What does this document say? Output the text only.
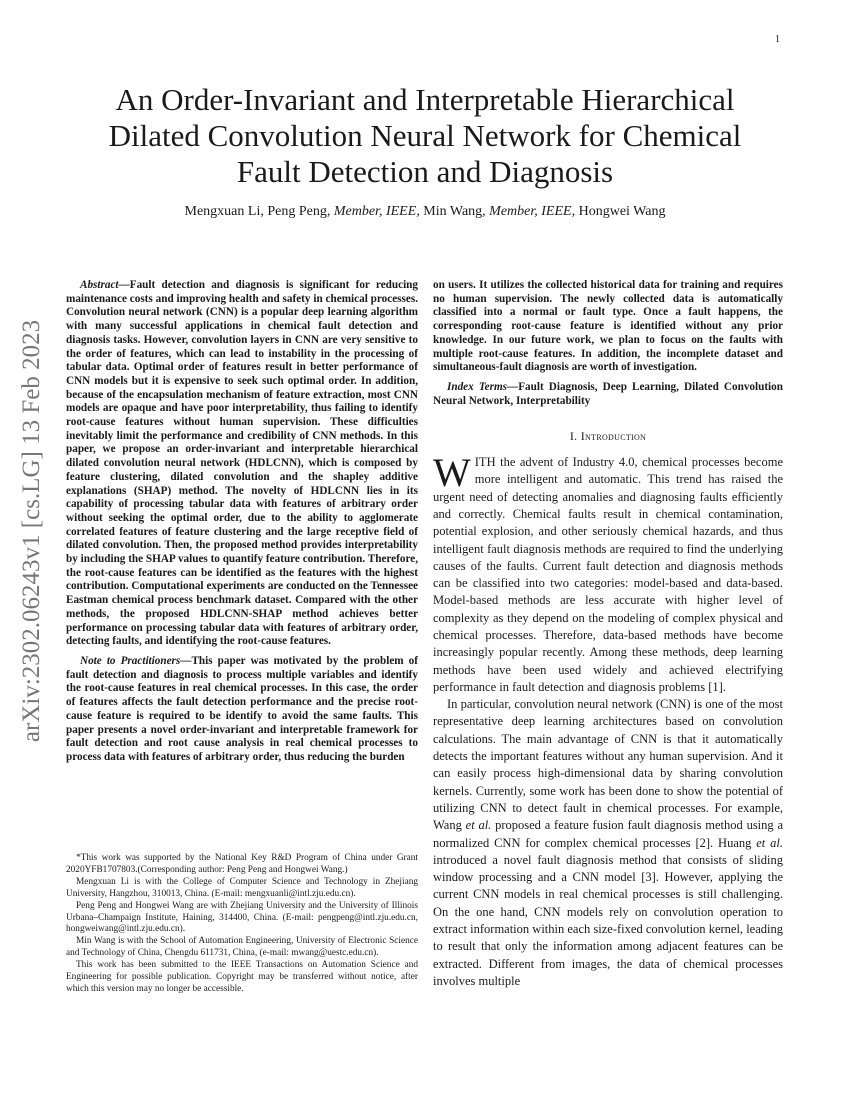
1
arXiv:2302.06243v1 [cs.LG] 13 Feb 2023
An Order-Invariant and Interpretable Hierarchical
Dilated Convolution Neural Network for Chemical
Fault Detection and Diagnosis
Mengxuan Li, Peng Peng, Member, IEEE, Min Wang, Member, IEEE, Hongwei Wang

Abstract—Fault detection and diagnosis is significant for reducing maintenance costs and improving health and safety in chemical processes. Convolution neural network (CNN) is a popular deep learning algorithm with many successful applications in chemical fault detection and diagnosis tasks. However, convolution layers in CNN are very sensitive to the order of features, which can lead to instability in the processing of tabular data. Optimal order of features result in better performance of CNN models but it is expensive to seek such optimal order. In addition, because of the encapsulation mechanism of feature extraction, most CNN models are opaque and have poor interpretability, thus failing to identify root-cause features without human supervision. These difficulties inevitably limit the performance and credibility of CNN methods. In this paper, we propose an order-invariant and interpretable hierarchical dilated convolution neural network (HDLCNN), which is composed by feature clustering, dilated convolution and the shapley additive explanations (SHAP) method. The novelty of HDLCNN lies in its capability of processing tabular data with features of arbitrary order without seeking the optimal order, due to the ability to agglomerate correlated features of feature clustering and the large receptive field of dilated convolution. Then, the proposed method provides interpretability by including the SHAP values to quantify feature contribution. Therefore, the root-cause features can be identified as the features with the highest contribution. Computational experiments are conducted on the Tennessee Eastman chemical process benchmark dataset. Compared with the other methods, the proposed HDLCNN-SHAP method achieves better performance on processing tabular data with features of arbitrary order, detecting faults, and identifying the root-cause features.

Note to Practitioners—This paper was motivated by the problem of fault detection and diagnosis to process multiple variables and identify the root-cause features in real chemical processes. In this case, the order of features affects the fault detection performance and the precise root-cause feature is required to be identify to avoid the same faults. This paper presents a novel order-invariant and interpretable framework for fault detection and root cause analysis in real chemical processes to process data with features of arbitrary order, thus reducing the burden

*This work was supported by the National Key R&D Program of China under Grant 2020YFB1707803.(Corresponding author: Peng Peng and Hongwei Wang.)

Mengxuan Li is with the College of Computer Science and Technology in Zhejiang University, Hangzhou, 310013, China. (E-mail: mengxuanli@intl.zju.edu.cn).

Peng Peng and Hongwei Wang are with Zhejiang University and the University of Illinois Urbana–Champaign Institute, Haining, 314400, China. (E-mail: pengpeng@intl.zju.edu.cn, hongweiwang@intl.zju.edu.cn).

Min Wang is with the School of Automation Engineering, University of Electronic Science and Technology of China, Chengdu 611731, China, (e-mail: mwang@uestc.edu.cn).

This work has been submitted to the IEEE Transactions on Automation Science and Engineering for possible publication. Copyright may be transferred without notice, after which this version may no longer be accessible.

on users. It utilizes the collected historical data for training and requires no human supervision. The newly collected data is automatically classified into a normal or fault type. Once a fault happens, the corresponding root-cause feature is identified without any prior knowledge. In our future work, we plan to focus on the faults with multiple root-cause features. In addition, the incomplete dataset and simultaneous-fault diagnosis are worth of investigation.

Index Terms—Fault Diagnosis, Deep Learning, Dilated Convolution Neural Network, Interpretability

I. Introduction

WITH the advent of Industry 4.0, chemical processes become more intelligent and automatic. This trend has raised the urgent need of detecting anomalies and diagnosing faults efficiently and correctly. Chemical faults result in chemical contamination, potential explosion, and other seriously chemical hazards, and thus intelligent fault diagnosis methods are required to find the underlying causes of the faults. Current fault detection and diagnosis methods can be classified into two categories: model-based and data-based. Model-based methods are less accurate with higher level of complexity as they depend on the modeling of complex physical and chemical processes. Therefore, data-based methods have become increasingly popular recently. Among these methods, deep learning methods have been used widely and achieved electrifying performance in fault detection and diagnosis problems [1].

In particular, convolution neural network (CNN) is one of the most representative deep learning architectures based on convolution calculations. The main advantage of CNN is that it automatically detects the important features without any human supervision. And it can easily process high-dimensional data by sharing convolution kernels. Currently, some work has been done to show the potential of utilizing CNN to detect fault in chemical processes. For example, Wang et al. proposed a feature fusion fault diagnosis method using a normalized CNN for complex chemical processes [2]. Huang et al. introduced a novel fault diagnosis method that consists of sliding window processing and a CNN model [3]. However, applying the current CNN models in real chemical processes is still challenging. On the one hand, CNN models rely on convolution operation to extract information within each size-fixed convolution kernel, leading to result that only the information among adjacent features can be extracted. Different from images, the data of chemical processes involves multiple
